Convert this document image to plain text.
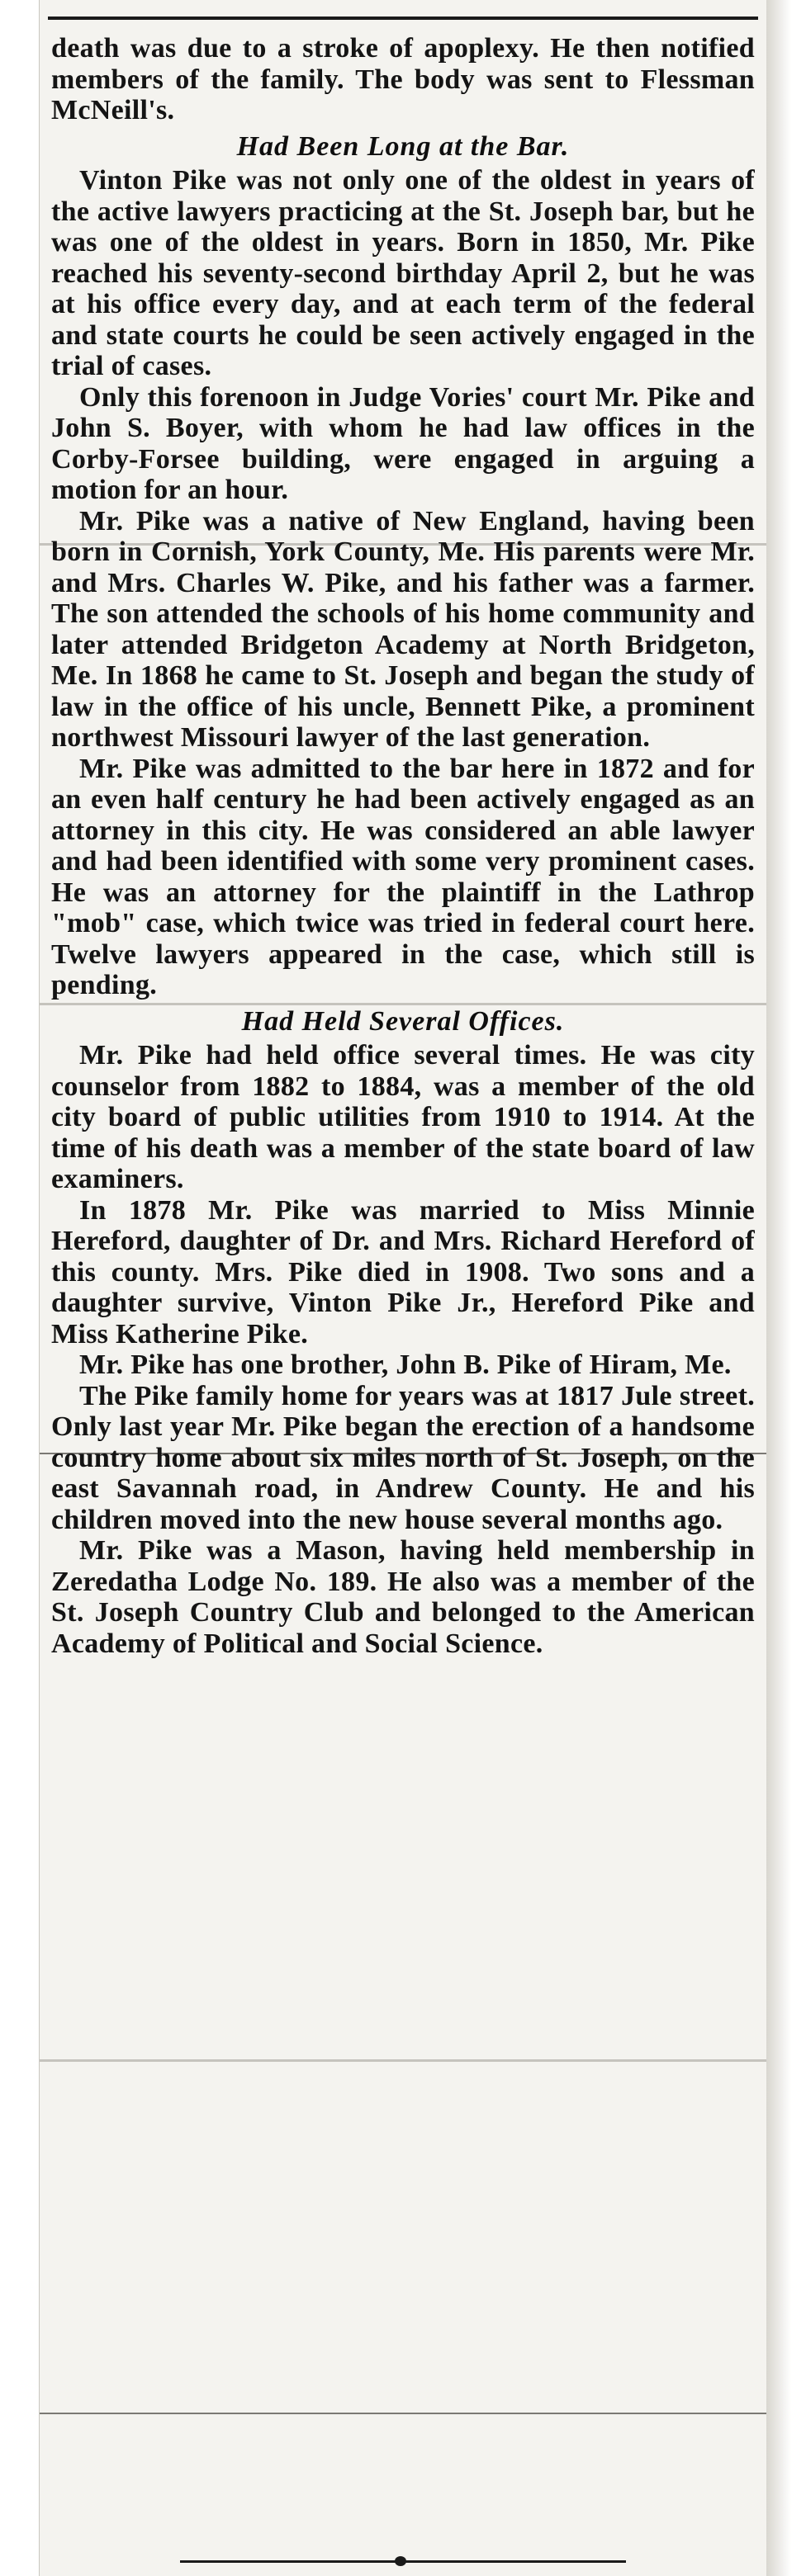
death was due to a stroke of apoplexy. He then notified members of the family. The body was sent to Flessman McNeill's.

Had Been Long at the Bar.

Vinton Pike was not only one of the oldest in years of the active lawyers practicing at the St. Joseph bar, but he was one of the oldest in years. Born in 1850, Mr. Pike reached his seventy-second birthday April 2, but he was at his office every day, and at each term of the federal and state courts he could be seen actively engaged in the trial of cases.

Only this forenoon in Judge Vories' court Mr. Pike and John S. Boyer, with whom he had law offices in the Corby-Forsee building, were engaged in arguing a motion for an hour.

Mr. Pike was a native of New England, having been born in Cornish, York County, Me. His parents were Mr. and Mrs. Charles W. Pike, and his father was a farmer. The son attended the schools of his home community and later attended Bridgeton Academy at North Bridgeton, Me. In 1868 he came to St. Joseph and began the study of law in the office of his uncle, Bennett Pike, a prominent northwest Missouri lawyer of the last generation.

Mr. Pike was admitted to the bar here in 1872 and for an even half century he had been actively engaged as an attorney in this city. He was considered an able lawyer and had been identified with some very prominent cases. He was an attorney for the plaintiff in the Lathrop "mob" case, which twice was tried in federal court here. Twelve lawyers appeared in the case, which still is pending.

Had Held Several Offices.

Mr. Pike had held office several times. He was city counselor from 1882 to 1884, was a member of the old city board of public utilities from 1910 to 1914. At the time of his death was a member of the state board of law examiners.

In 1878 Mr. Pike was married to Miss Minnie Hereford, daughter of Dr. and Mrs. Richard Hereford of this county. Mrs. Pike died in 1908. Two sons and a daughter survive, Vinton Pike Jr., Hereford Pike and Miss Katherine Pike.

Mr. Pike has one brother, John B. Pike of Hiram, Me.

The Pike family home for years was at 1817 Jule street. Only last year Mr. Pike began the erection of a handsome country home about six miles north of St. Joseph, on the east Savannah road, in Andrew County. He and his children moved into the new house several months ago.

Mr. Pike was a Mason, having held membership in Zeredatha Lodge No. 189. He also was a member of the St. Joseph Country Club and belonged to the American Academy of Political and Social Science.
